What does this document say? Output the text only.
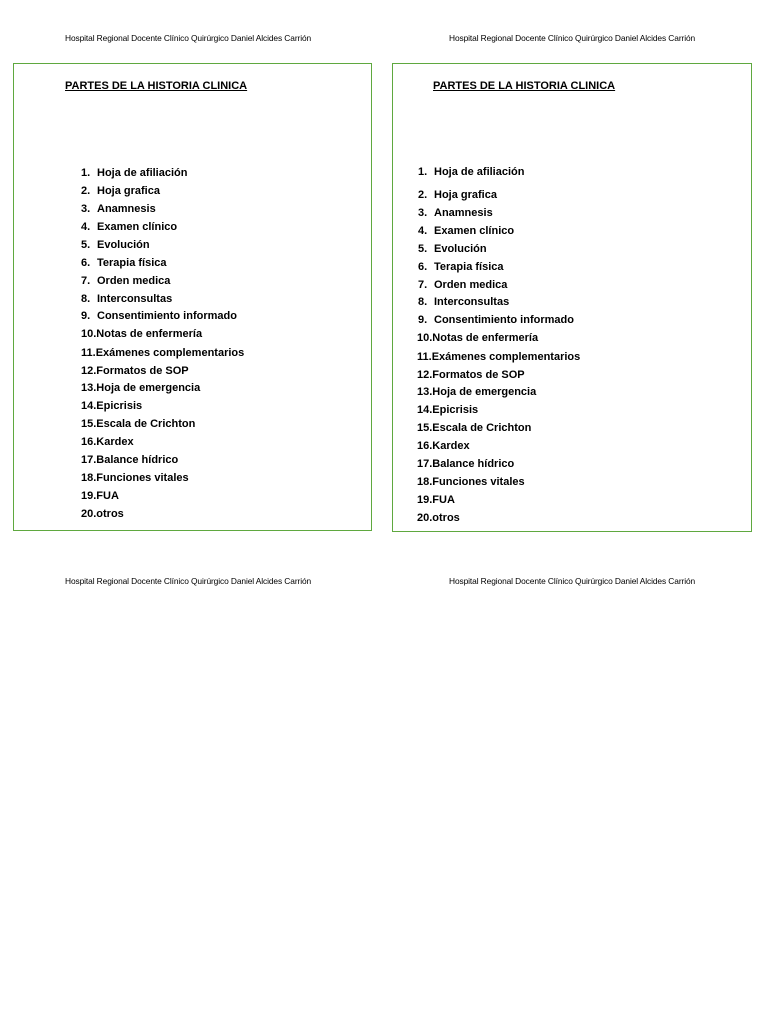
Hospital Regional Docente Clínico Quirúrgico Daniel Alcides Carrión	Hospital Regional Docente Clínico Quirúrgico Daniel Alcides Carrión
Hospital Regional Docente Clínico Quirúrgico Daniel Alcides Carrión	Hospital Regional Docente Clínico Quirúrgico Daniel Alcides Carrión
PARTES DE LA HISTORIA CLINICA
1. Hoja de afiliación
2. Hoja grafica
3. Anamnesis
4. Examen clínico
5. Evolución
6. Terapia física
7. Orden medica
8. Interconsultas
9. Consentimiento informado
10.Notas de enfermería
11.Exámenes complementarios
12.Formatos de SOP
13.Hoja de emergencia
14.Epicrisis
15.Escala de Crichton
16.Kardex
17.Balance hídrico
18.Funciones vitales
19.FUA
20.otros
PARTES DE LA HISTORIA CLINICA
1. Hoja de afiliación
2. Hoja grafica
3. Anamnesis
4. Examen clínico
5. Evolución
6. Terapia física
7. Orden medica
8. Interconsultas
9. Consentimiento informado
10.Notas de enfermería
11.Exámenes complementarios
12.Formatos de SOP
13.Hoja de emergencia
14.Epicrisis
15.Escala de Crichton
16.Kardex
17.Balance hídrico
18.Funciones vitales
19.FUA
20.otros
